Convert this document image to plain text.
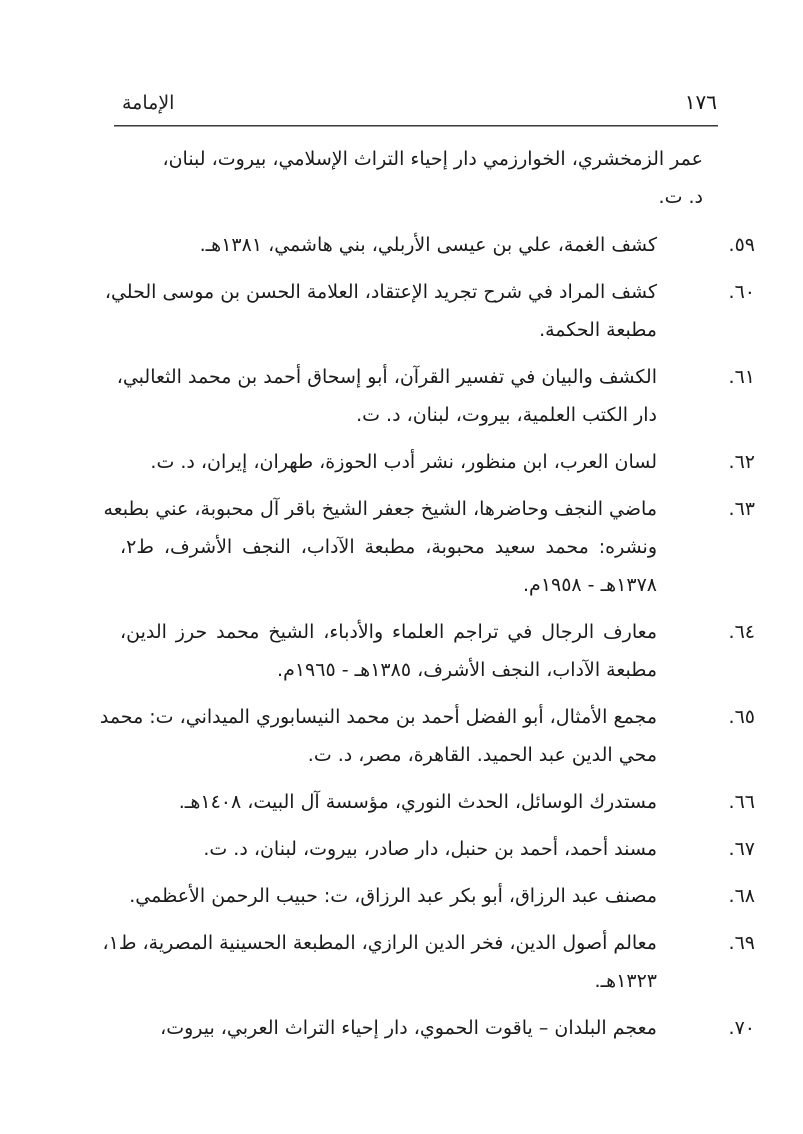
الإمامة	١٧٦
عمر الزمخشري، الخوارزمي دار إحياء التراث الإسلامي، بيروت، لبنان،
د. ت.
٥٩.
كشف الغمة، علي بن عيسى الأربلي، بني هاشمي، ١٣٨١هـ.
٦٠.
كشف المراد في شرح تجريد الإعتقاد، العلامة الحسن بن موسى الحلي،
مطبعة الحكمة.
٦١.
الكشف والبيان في تفسير القرآن، أبو إسحاق أحمد بن محمد الثعالبي،
دار الكتب العلمية، بيروت، لبنان، د. ت.
٦٢.
لسان العرب، ابن منظور، نشر أدب الحوزة، طهران، إيران، د. ت.
٦٣.
ماضي النجف وحاضرها، الشيخ جعفر الشيخ باقر آل محبوبة، عني بطبعه
ونشره: محمد سعيد محبوبة، مطبعة الآداب، النجف الأشرف، ط٢،
١٣٧٨هـ - ١٩٥٨م.
٦٤.
معارف الرجال في تراجم العلماء والأدباء، الشيخ محمد حرز الدين،
مطبعة الآداب، النجف الأشرف، ١٣٨٥هـ - ١٩٦٥م.
٦٥.
مجمع الأمثال، أبو الفضل أحمد بن محمد النيسابوري الميداني، ت: محمد
محي الدين عبد الحميد. القاهرة، مصر، د. ت.
٦٦.
مستدرك الوسائل، الحدث النوري، مؤسسة آل البيت، ١٤٠٨هـ.
٦٧.
مسند أحمد، أحمد بن حنبل، دار صادر، بيروت، لبنان، د. ت.
٦٨.
مصنف عبد الرزاق، أبو بكر عبد الرزاق، ت: حبيب الرحمن الأعظمي.
٦٩.
معالم أصول الدين، فخر الدين الرازي، المطبعة الحسينية المصرية، ط١،
١٣٢٣هـ.
٧٠.
معجم البلدان – ياقوت الحموي، دار إحياء التراث العربي، بيروت،
